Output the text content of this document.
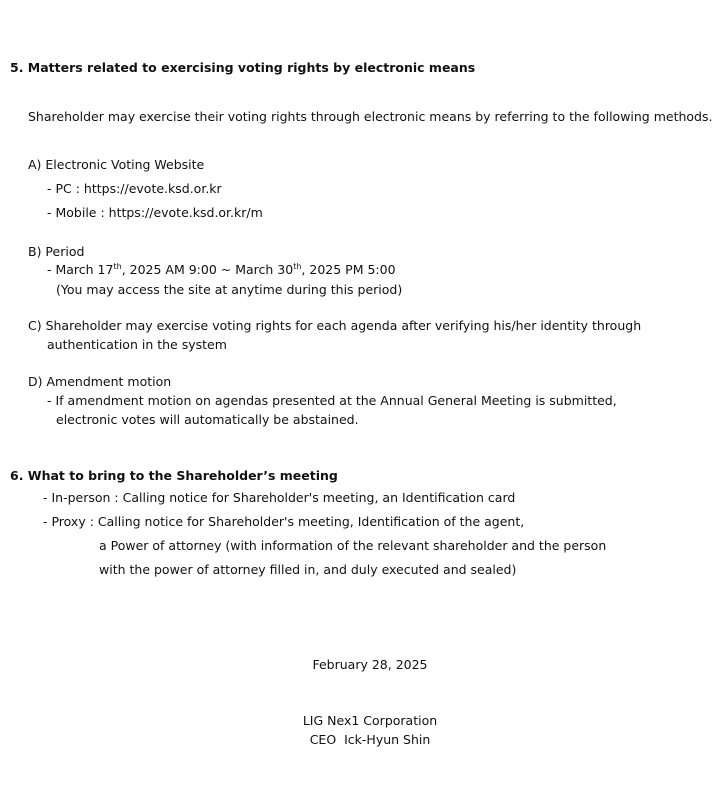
5. Matters related to exercising voting rights by electronic means
Shareholder may exercise their voting rights through electronic means by referring to the following methods.
A) Electronic Voting Website
- PC : https://evote.ksd.or.kr
- Mobile : https://evote.ksd.or.kr/m
B) Period
- March 17th, 2025 AM 9:00 ~ March 30th, 2025 PM 5:00
(You may access the site at anytime during this period)
C) Shareholder may exercise voting rights for each agenda after verifying his/her identity through
authentication in the system
D) Amendment motion
- If amendment motion on agendas presented at the Annual General Meeting is submitted,
electronic votes will automatically be abstained.
6. What to bring to the Shareholder’s meeting
- In-person : Calling notice for Shareholder's meeting, an Identification card
- Proxy : Calling notice for Shareholder's meeting, Identification of the agent,
a Power of attorney (with information of the relevant shareholder and the person
with the power of attorney filled in, and duly executed and sealed)
February 28, 2025
LIG Nex1 Corporation
CEO  Ick-Hyun Shin
